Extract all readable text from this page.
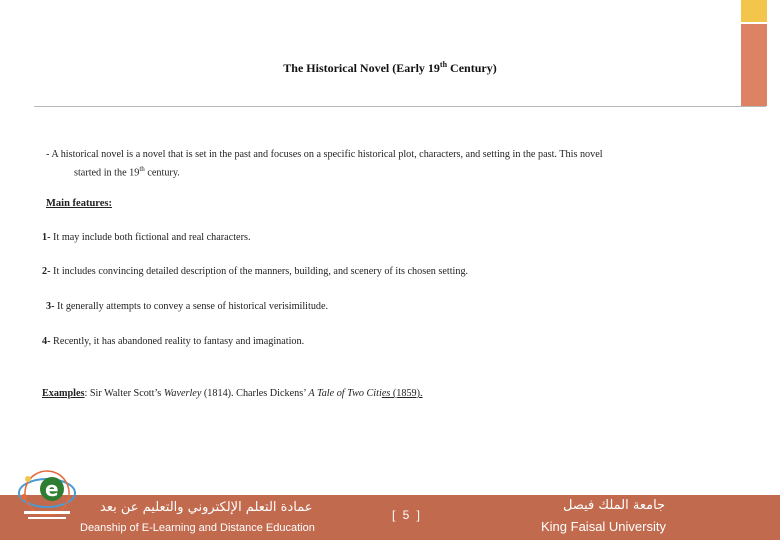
The Historical Novel (Early 19th Century)
- A historical novel is a novel that is set in the past and focuses on a specific historical plot, characters, and setting in the past. This novel
started in the 19th century.
Main features:
1- It may include both fictional and real characters.
2- It includes convincing detailed description of the manners, building, and scenery of its chosen setting.
3- It generally attempts to convey a sense of historical verisimilitude.
4- Recently, it has abandoned reality to fantasy and imagination.
Examples: Sir Walter Scott’s Waverley (1814). Charles Dickens’ A Tale of Two Cities (1859).
e
عمادة التعلم الإلكتروني والتعليم عن بعد
Deanship of E-Learning and Distance Education
[ 5 ]
جامعة الملك فيصل
King Faisal University
